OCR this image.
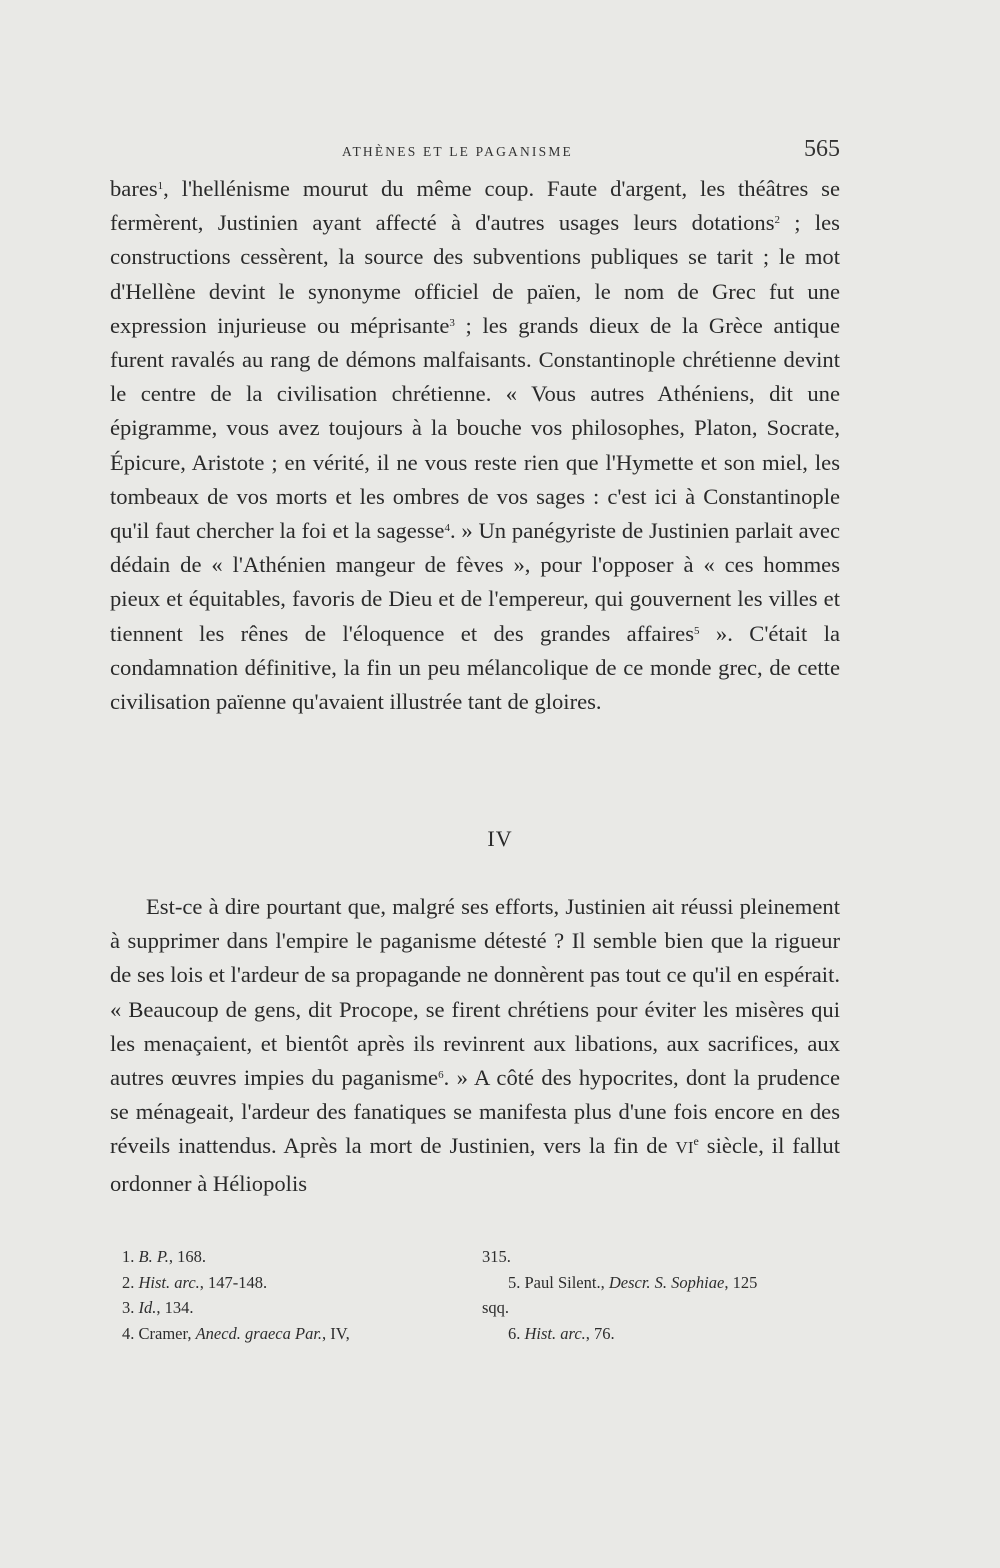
ATHÈNES ET LE PAGANISME	565

bares$^1$, l'hellénisme mourut du même coup. Faute d'argent, les théâtres se fermèrent, Justinien ayant affecté à d'autres usages leurs dotations$^2$ ; les constructions cessèrent, la source des subventions publiques se tarit ; le mot d'Hellène devint le synonyme officiel de païen, le nom de Grec fut une expression injurieuse ou méprisante$^3$ ; les grands dieux de la Grèce antique furent ravalés au rang de démons malfaisants. Constantinople chrétienne devint le centre de la civilisation chrétienne. « Vous autres Athéniens, dit une épigramme, vous avez toujours à la bouche vos philosophes, Platon, Socrate, Épicure, Aristote ; en vérité, il ne vous reste rien que l'Hymette et son miel, les tombeaux de vos morts et les ombres de vos sages : c'est ici à Constantinople qu'il faut chercher la foi et la sagesse$^4$. » Un panégyriste de Justinien parlait avec dédain de « l'Athénien mangeur de fèves », pour l'opposer à « ces hommes pieux et équitables, favoris de Dieu et de l'empereur, qui gouvernent les villes et tiennent les rênes de l'éloquence et des grandes affaires$^5$ ». C'était la condamnation définitive, la fin un peu mélancolique de ce monde grec, de cette civilisation païenne qu'avaient illustrée tant de gloires.

IV

Est-ce à dire pourtant que, malgré ses efforts, Justinien ait réussi pleinement à supprimer dans l'empire le paganisme détesté ? Il semble bien que la rigueur de ses lois et l'ardeur de sa propagande ne donnèrent pas tout ce qu'il en espérait. « Beaucoup de gens, dit Procope, se firent chrétiens pour éviter les misères qui les menaçaient, et bientôt après ils revinrent aux libations, aux sacrifices, aux autres œuvres impies du paganisme$^6$. » A côté des hypocrites, dont la prudence se ménageait, l'ardeur des fanatiques se manifesta plus d'une fois encore en des réveils inattendus. Après la mort de Justinien, vers la fin de VIe siècle, il fallut ordonner à Héliopolis

1. B. P., 168.
2. Hist. arc., 147-148.
3. Id., 134.
4. Cramer, Anecd. graeca Par., IV,
315.
5. Paul Silent., Descr. S. Sophiae, 125
sqq.
6. Hist. arc., 76.
